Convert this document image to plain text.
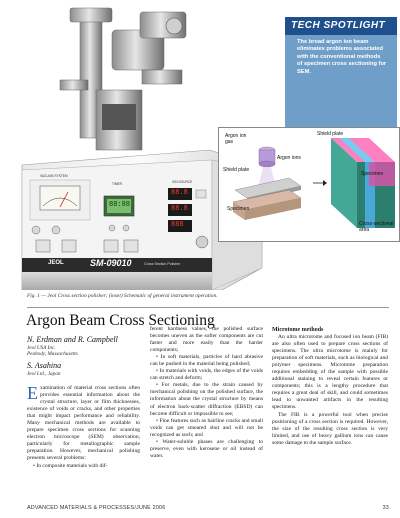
VACUUM SYSTEM
TIMER	ION SOURCE
88:88
88.8
88.8
888
JEOL	SM-09010	Cross Section Polisher
TECH SPOTLIGHT
The broad argon ion beam eliminates problems associated with the conventional methods of specimen cross sectioning for SEM.
Argon ion gas
Argon ions
Shield plate
Specimen
Shield plate
Specimen
Cross-sectional area
Fig. 1 — Jeol Cross section polisher; (inset) Schematic of general instrument operation.
Argon Beam Cross Sectioning
N. Erdman and R. Campbell
Jeol USA Inc.
Peabody, Massachusetts
S. Asahina
Jeol Ltd., Japan

Examination of material cross sections often provides essential information about the crystal structure, layer or film thicknesses, existence of voids or cracks, and other properties that might impact performance and reliability. Many mechanical methods are available to prepare specimen cross sections for scanning electron microscope (SEM) observation, particularly for metallographic sample preparation. However, mechanical polishing presents several problems:

• In composite materials with dif-

ferent hardness values, the polished surface becomes uneven as the softer components are cut faster and more easily than the harder components;

• In soft materials, particles of hard abrasive can be pushed in the material being polished;

• In materials with voids, the edges of the voids can stretch and deform;

• For metals, due to the strain caused by mechanical polishing on the polished surface, the information about the crystal structure by means of electron back-scatter diffraction (EBSD) can become difficult or impossible to see;

• Fine features such as hairline cracks and small voids can get smeared shut and will not be recognized as such; and

• Water-soluble phases are challenging to preserve, even with kerosene or oil instead of water.

Microtome methods

An ultra microtome and focused ion beam (FIB) are also often used to prepare cross sections of specimens. The ultra microtome is mainly for preparation of soft materials, such as biological and polymer specimens. Microtome preparation requires embedding of the sample with possible additional staining to reveal certain features or components; this is a lengthy procedure that requires a great deal of skill, and could sometimes lead to unwanted artifacts in the resulting specimens.

The FIB is a powerful tool when precise positioning of a cross section is required. However, the size of the resulting cross section is very limited, and use of heavy gallium ions can cause some damage to the sample surface.

ADVANCED MATERIALS & PROCESSES/JUNE 2006	33
